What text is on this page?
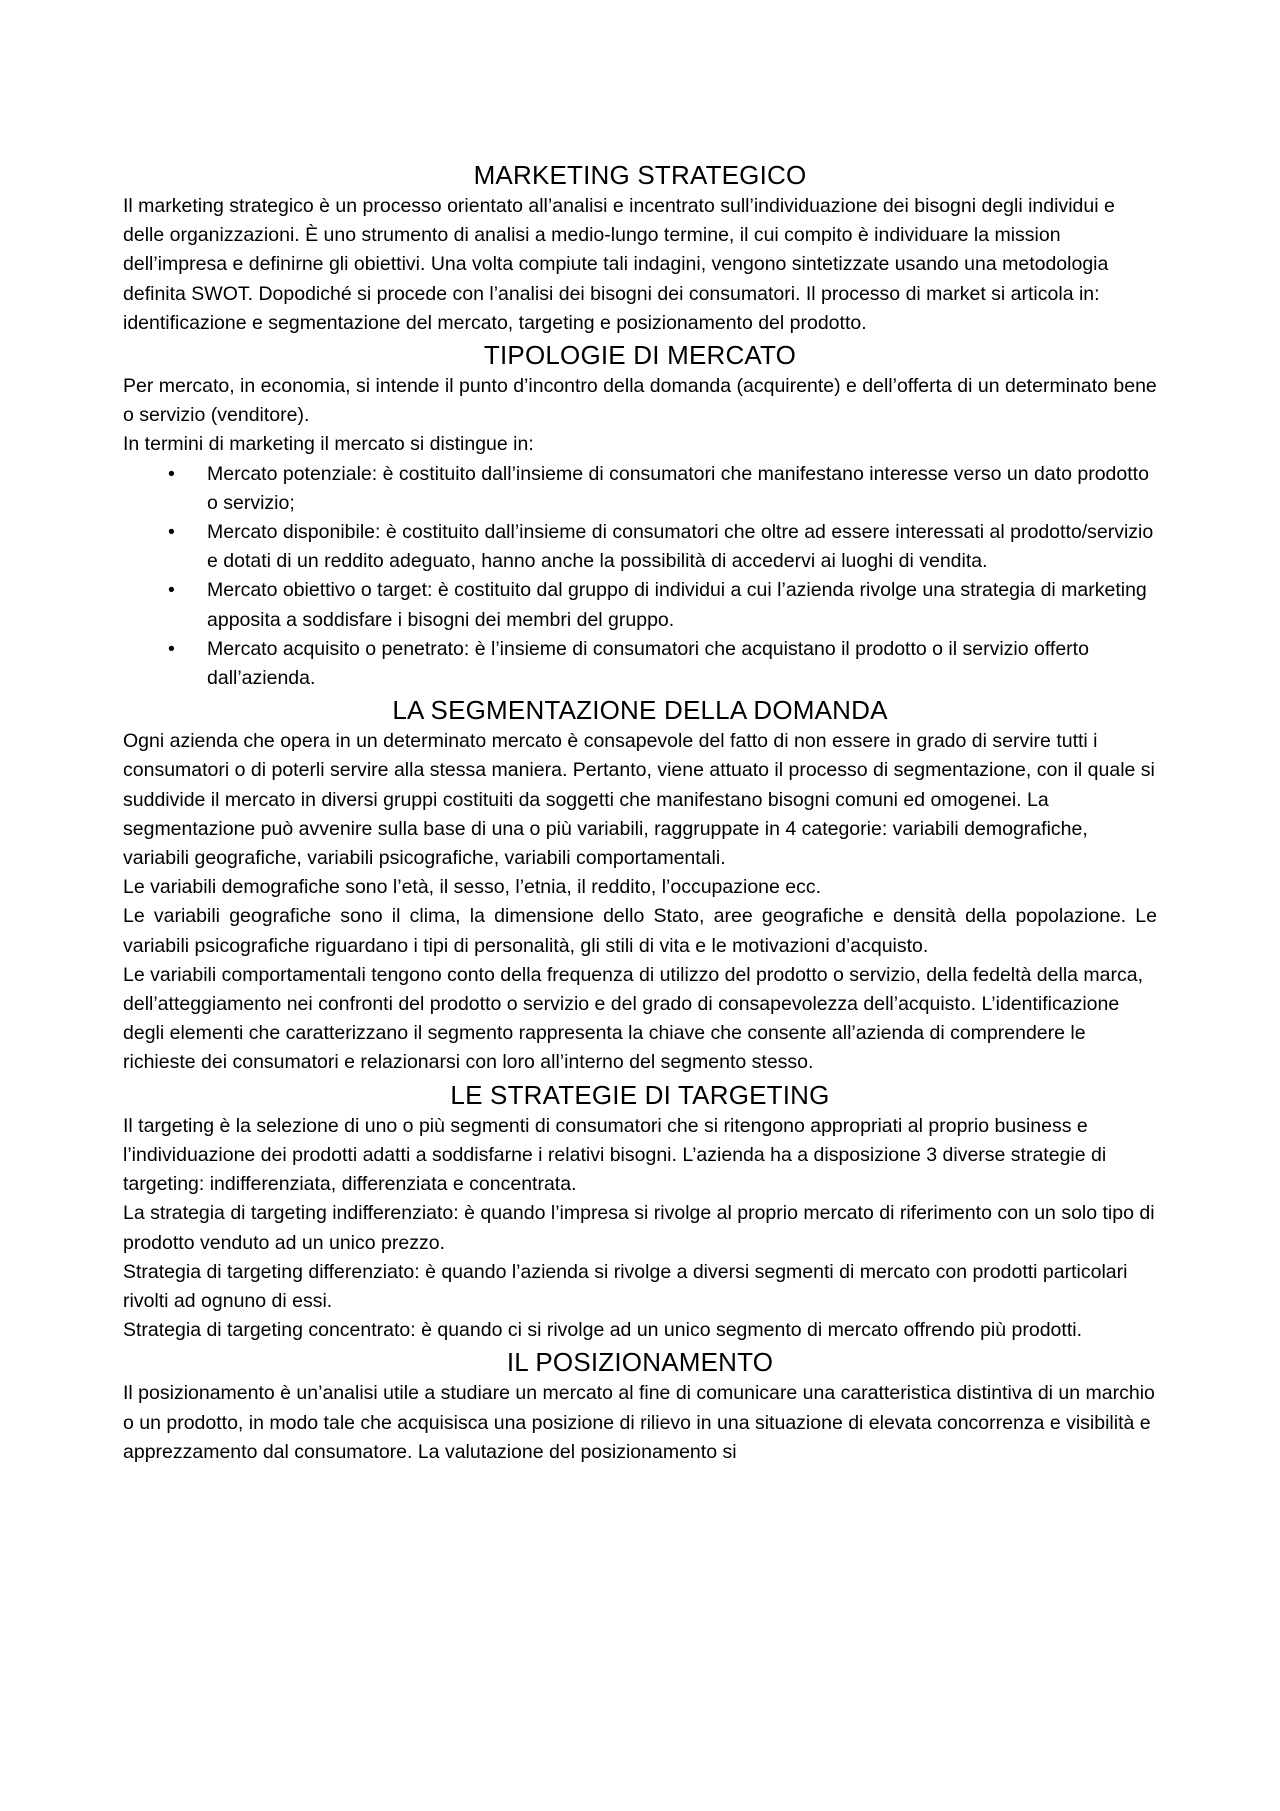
MARKETING STRATEGICO

Il marketing strategico è un processo orientato all’analisi e incentrato sull’individuazione dei bisogni degli individui e delle organizzazioni. È uno strumento di analisi a medio-lungo termine, il cui compito è individuare la mission dell’impresa e definirne gli obiettivi. Una volta compiute tali indagini, vengono sintetizzate usando una metodologia definita SWOT. Dopodiché si procede con l’analisi dei bisogni dei consumatori. Il processo di market si articola in: identificazione e segmentazione del mercato, targeting e posizionamento del prodotto.

TIPOLOGIE DI MERCATO

Per mercato, in economia, si intende il punto d’incontro della domanda (acquirente) e dell’offerta di un determinato bene o servizio (venditore).

In termini di marketing il mercato si distingue in:

• Mercato potenziale: è costituito dall’insieme di consumatori che manifestano interesse verso un dato prodotto o servizio;
• Mercato disponibile: è costituito dall’insieme di consumatori che oltre ad essere interessati al prodotto/servizio e dotati di un reddito adeguato, hanno anche la possibilità di accedervi ai luoghi di vendita.
• Mercato obiettivo o target: è costituito dal gruppo di individui a cui l’azienda rivolge una strategia di marketing apposita a soddisfare i bisogni dei membri del gruppo.
• Mercato acquisito o penetrato: è l’insieme di consumatori che acquistano il prodotto o il servizio offerto dall’azienda.
LA SEGMENTAZIONE DELLA DOMANDA

Ogni azienda che opera in un determinato mercato è consapevole del fatto di non essere in grado di servire tutti i consumatori o di poterli servire alla stessa maniera. Pertanto, viene attuato il processo di segmentazione, con il quale si suddivide il mercato in diversi gruppi costituiti da soggetti che manifestano bisogni comuni ed omogenei. La segmentazione può avvenire sulla base di una o più variabili, raggruppate in 4 categorie: variabili demografiche, variabili geografiche, variabili psicografiche, variabili comportamentali.

Le variabili demografiche sono l’età, il sesso, l’etnia, il reddito, l’occupazione ecc.

Le variabili geografiche sono il clima, la dimensione dello Stato, aree geografiche e densità della popolazione. Le variabili psicografiche riguardano i tipi di personalità, gli stili di vita e le motivazioni d’acquisto.

Le variabili comportamentali tengono conto della frequenza di utilizzo del prodotto o servizio, della fedeltà della marca, dell’atteggiamento nei confronti del prodotto o servizio e del grado di consapevolezza dell’acquisto. L’identificazione degli elementi che caratterizzano il segmento rappresenta la chiave che consente all’azienda di comprendere le richieste dei consumatori e relazionarsi con loro all’interno del segmento stesso.

LE STRATEGIE DI TARGETING

Il targeting è la selezione di uno o più segmenti di consumatori che si ritengono appropriati al proprio business e l’individuazione dei prodotti adatti a soddisfarne i relativi bisogni. L’azienda ha a disposizione 3 diverse strategie di targeting: indifferenziata, differenziata e concentrata.

La strategia di targeting indifferenziato: è quando l’impresa si rivolge al proprio mercato di riferimento con un solo tipo di prodotto venduto ad un unico prezzo.

Strategia di targeting differenziato: è quando l’azienda si rivolge a diversi segmenti di mercato con prodotti particolari rivolti ad ognuno di essi.

Strategia di targeting concentrato: è quando ci si rivolge ad un unico segmento di mercato offrendo più prodotti.

IL POSIZIONAMENTO

Il posizionamento è un’analisi utile a studiare un mercato al fine di comunicare una caratteristica distintiva di un marchio o un prodotto, in modo tale che acquisisca una posizione di rilievo in una situazione di elevata concorrenza e visibilità e apprezzamento dal consumatore. La valutazione del posizionamento si
